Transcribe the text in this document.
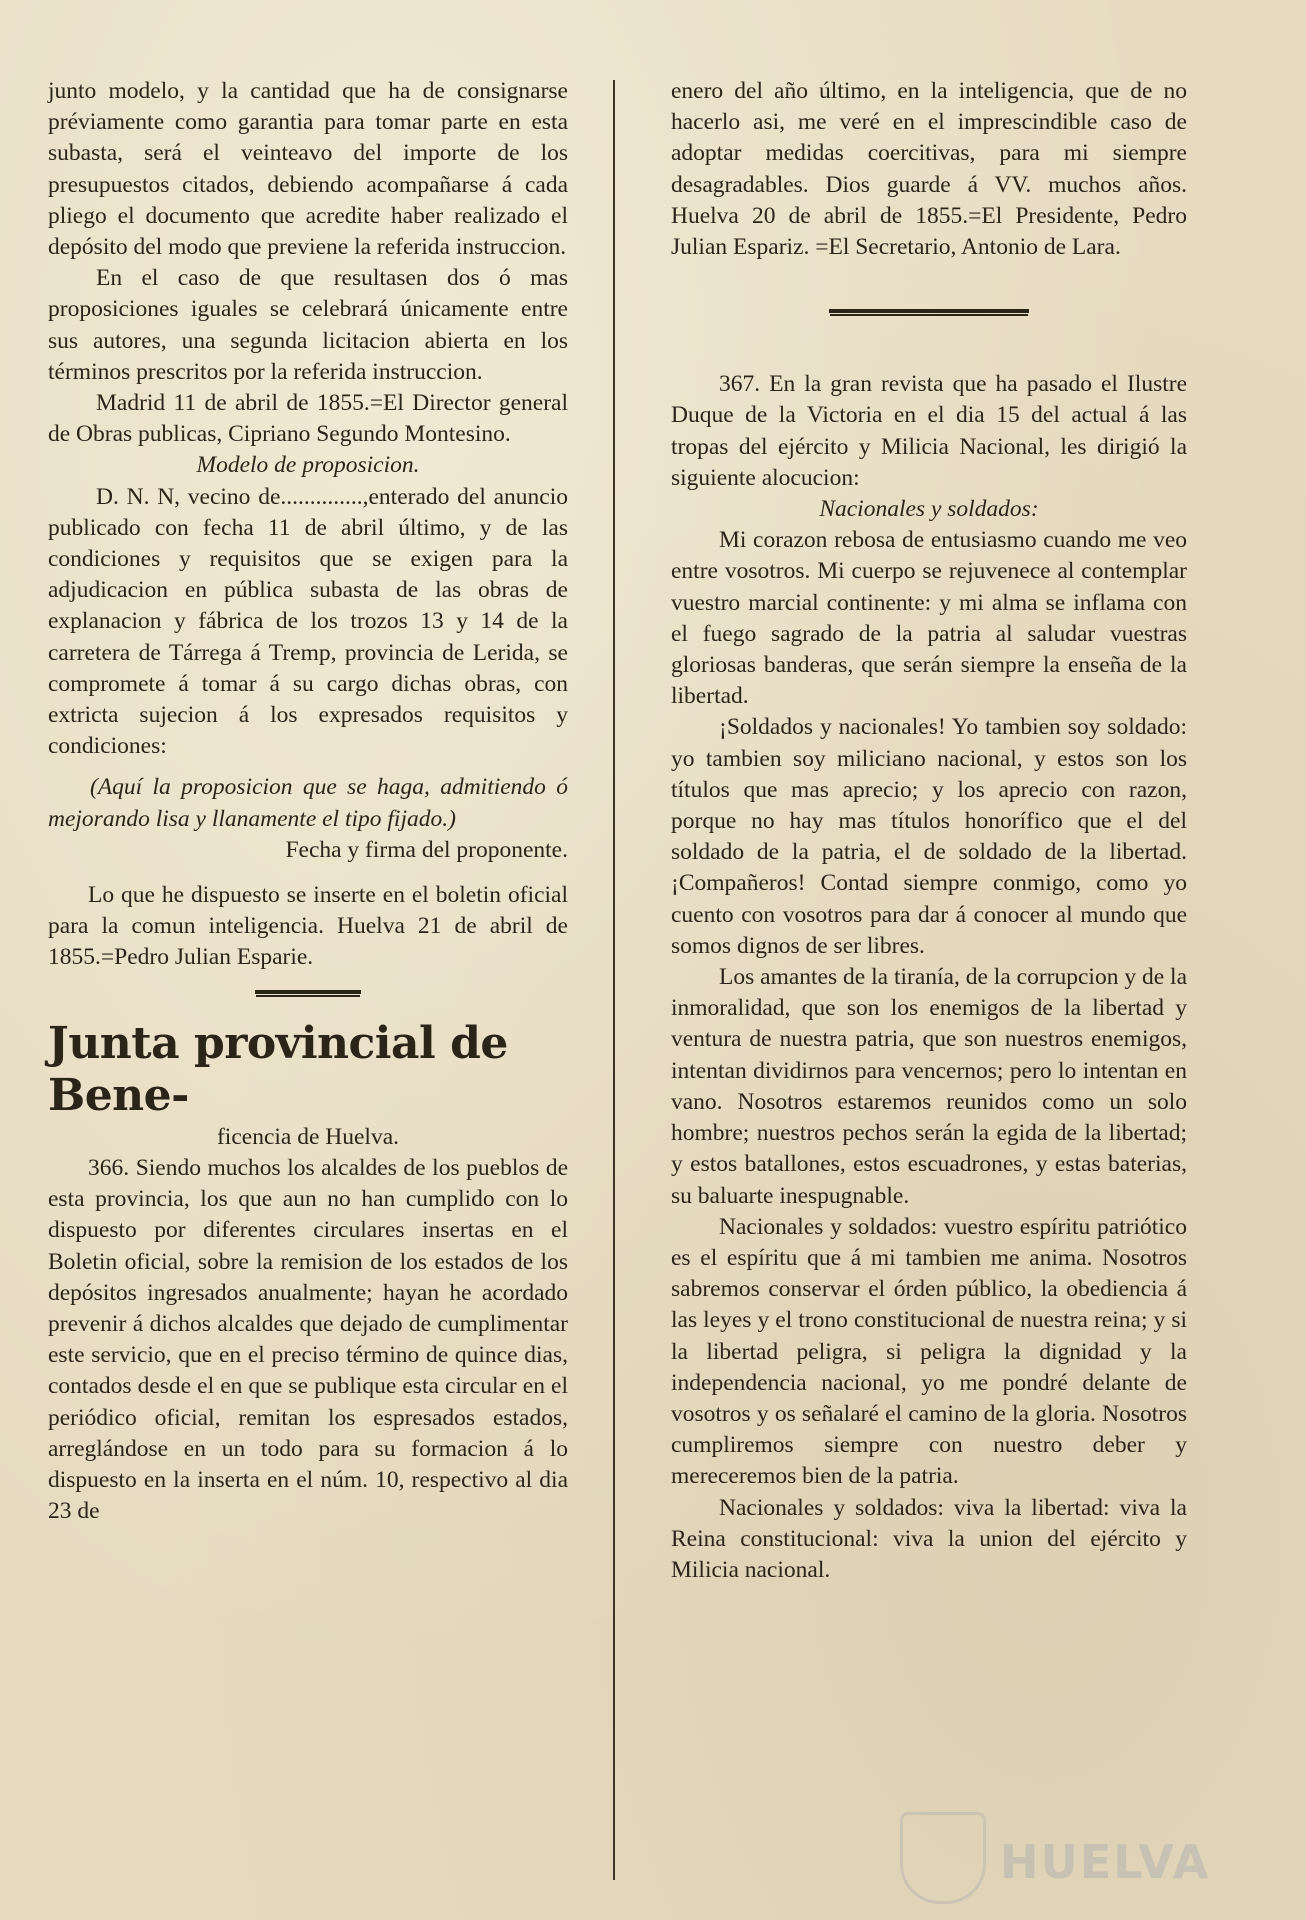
junto modelo, y la cantidad que ha de consignarse préviamente como garantia para tomar parte en esta subasta, será el veinteavo del importe de los presupuestos citados, debiendo acompañarse á cada pliego el documento que acredite haber realizado el depósito del modo que previene la referida instruccion.

En el caso de que resultasen dos ó mas proposiciones iguales se celebrará únicamente entre sus autores, una segunda licitacion abierta en los términos prescritos por la referida instruccion.

Madrid 11 de abril de 1855.=El Director general de Obras publicas, Cipriano Segundo Montesino.

Modelo de proposicion.

D. N. N, vecino de..............,enterado del anuncio publicado con fecha 11 de abril último, y de las condiciones y requisitos que se exigen para la adjudicacion en pública subasta de las obras de explanacion y fábrica de los trozos 13 y 14 de la carretera de Tárrega á Tremp, provincia de Lerida, se compromete á tomar á su cargo dichas obras, con extricta sujecion á los expresados requisitos y condiciones:

(Aquí la proposicion que se haga, admitiendo ó mejorando lisa y llanamente el tipo fijado.)

Fecha y firma del proponente.

Lo que he dispuesto se inserte en el boletin oficial para la comun inteligencia. Huelva 21 de abril de 1855.=Pedro Julian Esparie.

Junta provincial de Bene-

ficencia de Huelva.

366. Siendo muchos los alcaldes de los pueblos de esta provincia, los que aun no han cumplido con lo dispuesto por diferentes circulares insertas en el Boletin oficial, sobre la remision de los estados de los depósitos ingresados anualmente; hayan he acordado prevenir á dichos alcaldes que dejado de cumplimentar este servicio, que en el preciso término de quince dias, contados desde el en que se publique esta circular en el periódico oficial, remitan los espresados estados, arreglándose en un todo para su formacion á lo dispuesto en la inserta en el núm. 10, respectivo al dia 23 de

enero del año último, en la inteligencia, que de no hacerlo asi, me veré en el imprescindible caso de adoptar medidas coercitivas, para mi siempre desagradables. Dios guarde á VV. muchos años. Huelva 20 de abril de 1855.=El Presidente, Pedro Julian Espariz. =El Secretario, Antonio de Lara.

367. En la gran revista que ha pasado el Ilustre Duque de la Victoria en el dia 15 del actual á las tropas del ejército y Milicia Nacional, les dirigió la siguiente alocucion:

Nacionales y soldados:

Mi corazon rebosa de entusiasmo cuando me veo entre vosotros. Mi cuerpo se rejuvenece al contemplar vuestro marcial continente: y mi alma se inflama con el fuego sagrado de la patria al saludar vuestras gloriosas banderas, que serán siempre la enseña de la libertad.

¡Soldados y nacionales! Yo tambien soy soldado: yo tambien soy miliciano nacional, y estos son los títulos que mas aprecio; y los aprecio con razon, porque no hay mas títulos honorífico que el del soldado de la patria, el de soldado de la libertad. ¡Compañeros! Contad siempre conmigo, como yo cuento con vosotros para dar á conocer al mundo que somos dignos de ser libres.

Los amantes de la tiranía, de la corrupcion y de la inmoralidad, que son los enemigos de la libertad y ventura de nuestra patria, que son nuestros enemigos, intentan dividirnos para vencernos; pero lo intentan en vano. Nosotros estaremos reunidos como un solo hombre; nuestros pechos serán la egida de la libertad; y estos batallones, estos escuadrones, y estas baterias, su baluarte inespugnable.

Nacionales y soldados: vuestro espíritu patriótico es el espíritu que á mi tambien me anima. Nosotros sabremos conservar el órden público, la obediencia á las leyes y el trono constitucional de nuestra reina; y si la libertad peligra, si peligra la dignidad y la independencia nacional, yo me pondré delante de vosotros y os señalaré el camino de la gloria. Nosotros cumpliremos siempre con nuestro deber y mereceremos bien de la patria.

Nacionales y soldados: viva la libertad: viva la Reina constitucional: viva la union del ejército y Milicia nacional.

HUELVA
